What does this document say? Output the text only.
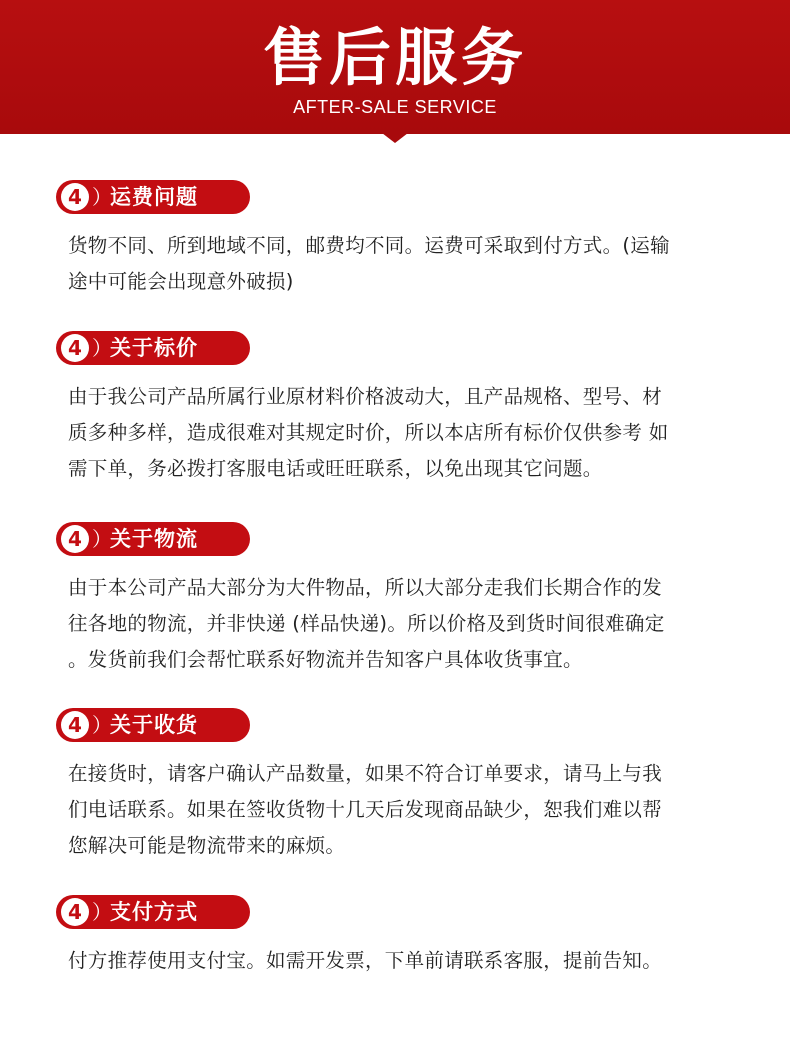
售后服务
AFTER-SALE SERVICE
4 ）
运费问题
货物不同、所到地域不同，邮费均不同。运费可采取到付方式。(运输
途中可能会出现意外破损)
4 ）
关于标价
由于我公司产品所属行业原材料价格波动大，且产品规格、型号、材
质多种多样，造成很难对其规定时价，所以本店所有标价仅供参考 如
需下单，务必拨打客服电话或旺旺联系，以免出现其它问题。
4 ）
关于物流
由于本公司产品大部分为大件物品，所以大部分走我们长期合作的发
往各地的物流，并非快递 (样品快递)。所以价格及到货时间很难确定
。发货前我们会帮忙联系好物流并告知客户具体收货事宜。
4 ）
关于收货
在接货时，请客户确认产品数量，如果不符合订单要求，请马上与我
们电话联系。如果在签收货物十几天后发现商品缺少，恕我们难以帮
您解决可能是物流带来的麻烦。
4 ）
支付方式
付方推荐使用支付宝。如需开发票，下单前请联系客服，提前告知。
